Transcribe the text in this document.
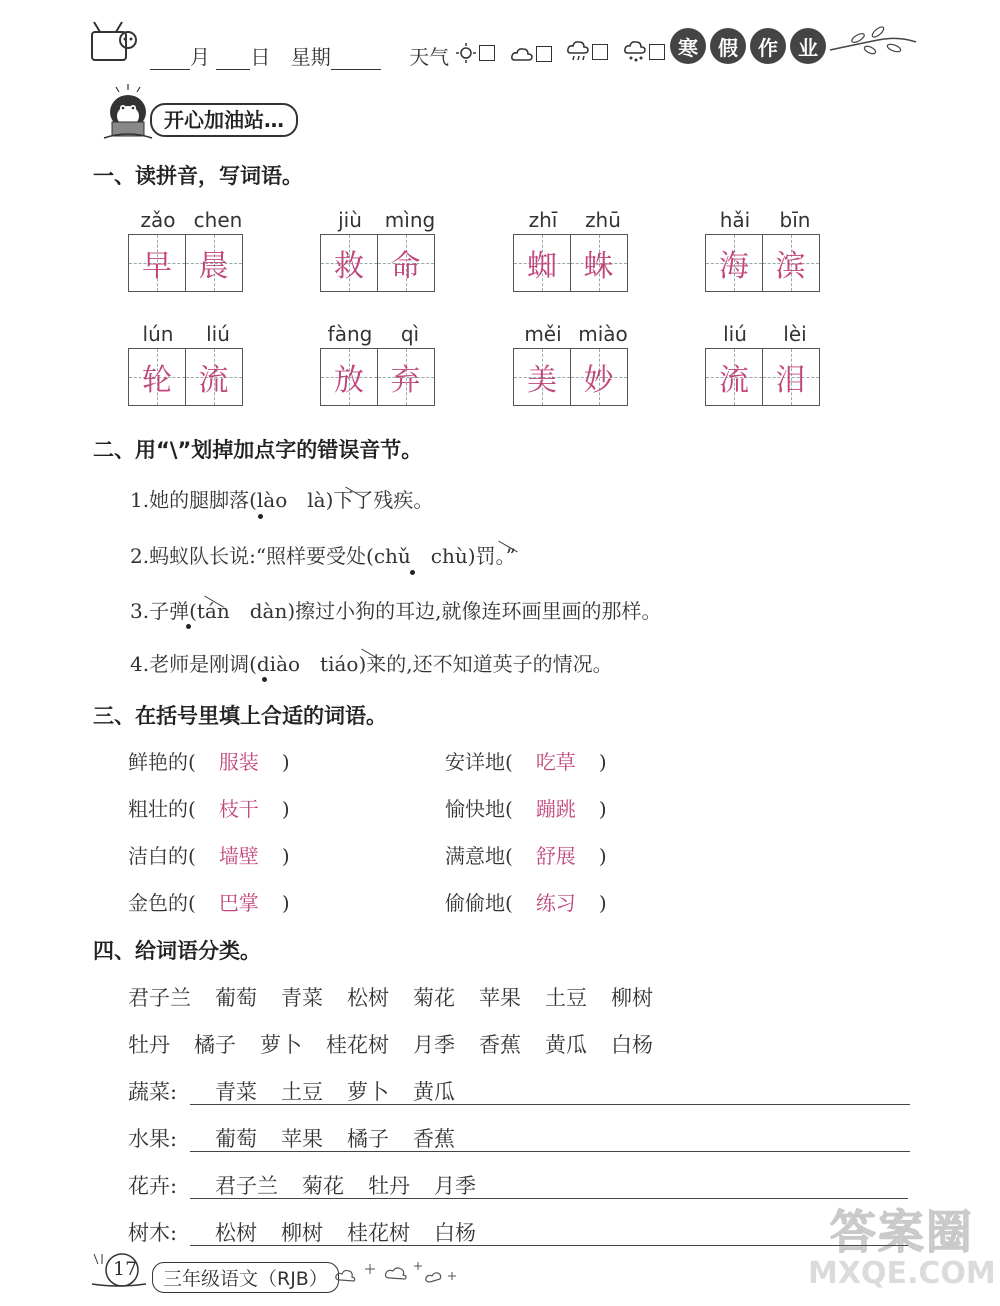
月 日 星期	天气

	寒	假	作	业
开心加油站…
一、读拼音，写词语。
zǎo chen
早 晨
jiù	mìng
救 命
zhī	zhū
蜘 蛛
hǎi	bīn
海 滨
lún	liú
轮 流
fàng	qì
放 弃
měi miào
美 妙
liú	lèi
流 泪
二、用“\”划掉加点字的错误音节。
1.她的腿脚落(lào　là)下了残疾。
2.蚂蚁队长说:“照样要受处(chǔ　chù)罚。”
3.子弹(tán　dàn)擦过小狗的耳边,就像连环画里画的那样。
4.老师是刚调(diào　tiáo)来的,还不知道英子的情况。
三、在括号里填上合适的词语。
鲜艳的( 服装 )
粗壮的( 枝干 )
洁白的( 墙壁 )
金色的( 巴掌 )
安详地( 吃草 )
愉快地( 蹦跳 )
满意地( 舒展 )
偷偷地( 练习 )
四、给词语分类。
君子兰 葡萄 青菜 松树 菊花 苹果 土豆 柳树
牡丹 橘子 萝卜 桂花树 月季 香蕉 黄瓜 白杨
蔬菜: 青菜 土豆 萝卜 黄瓜
水果: 葡萄 苹果 橘子 香蕉
花卉: 君子兰 菊花 牡丹 月季
树木: 松树 柳树 桂花树 白杨
17	三年级语文（RJB）
答案圈
MXQE.COM
